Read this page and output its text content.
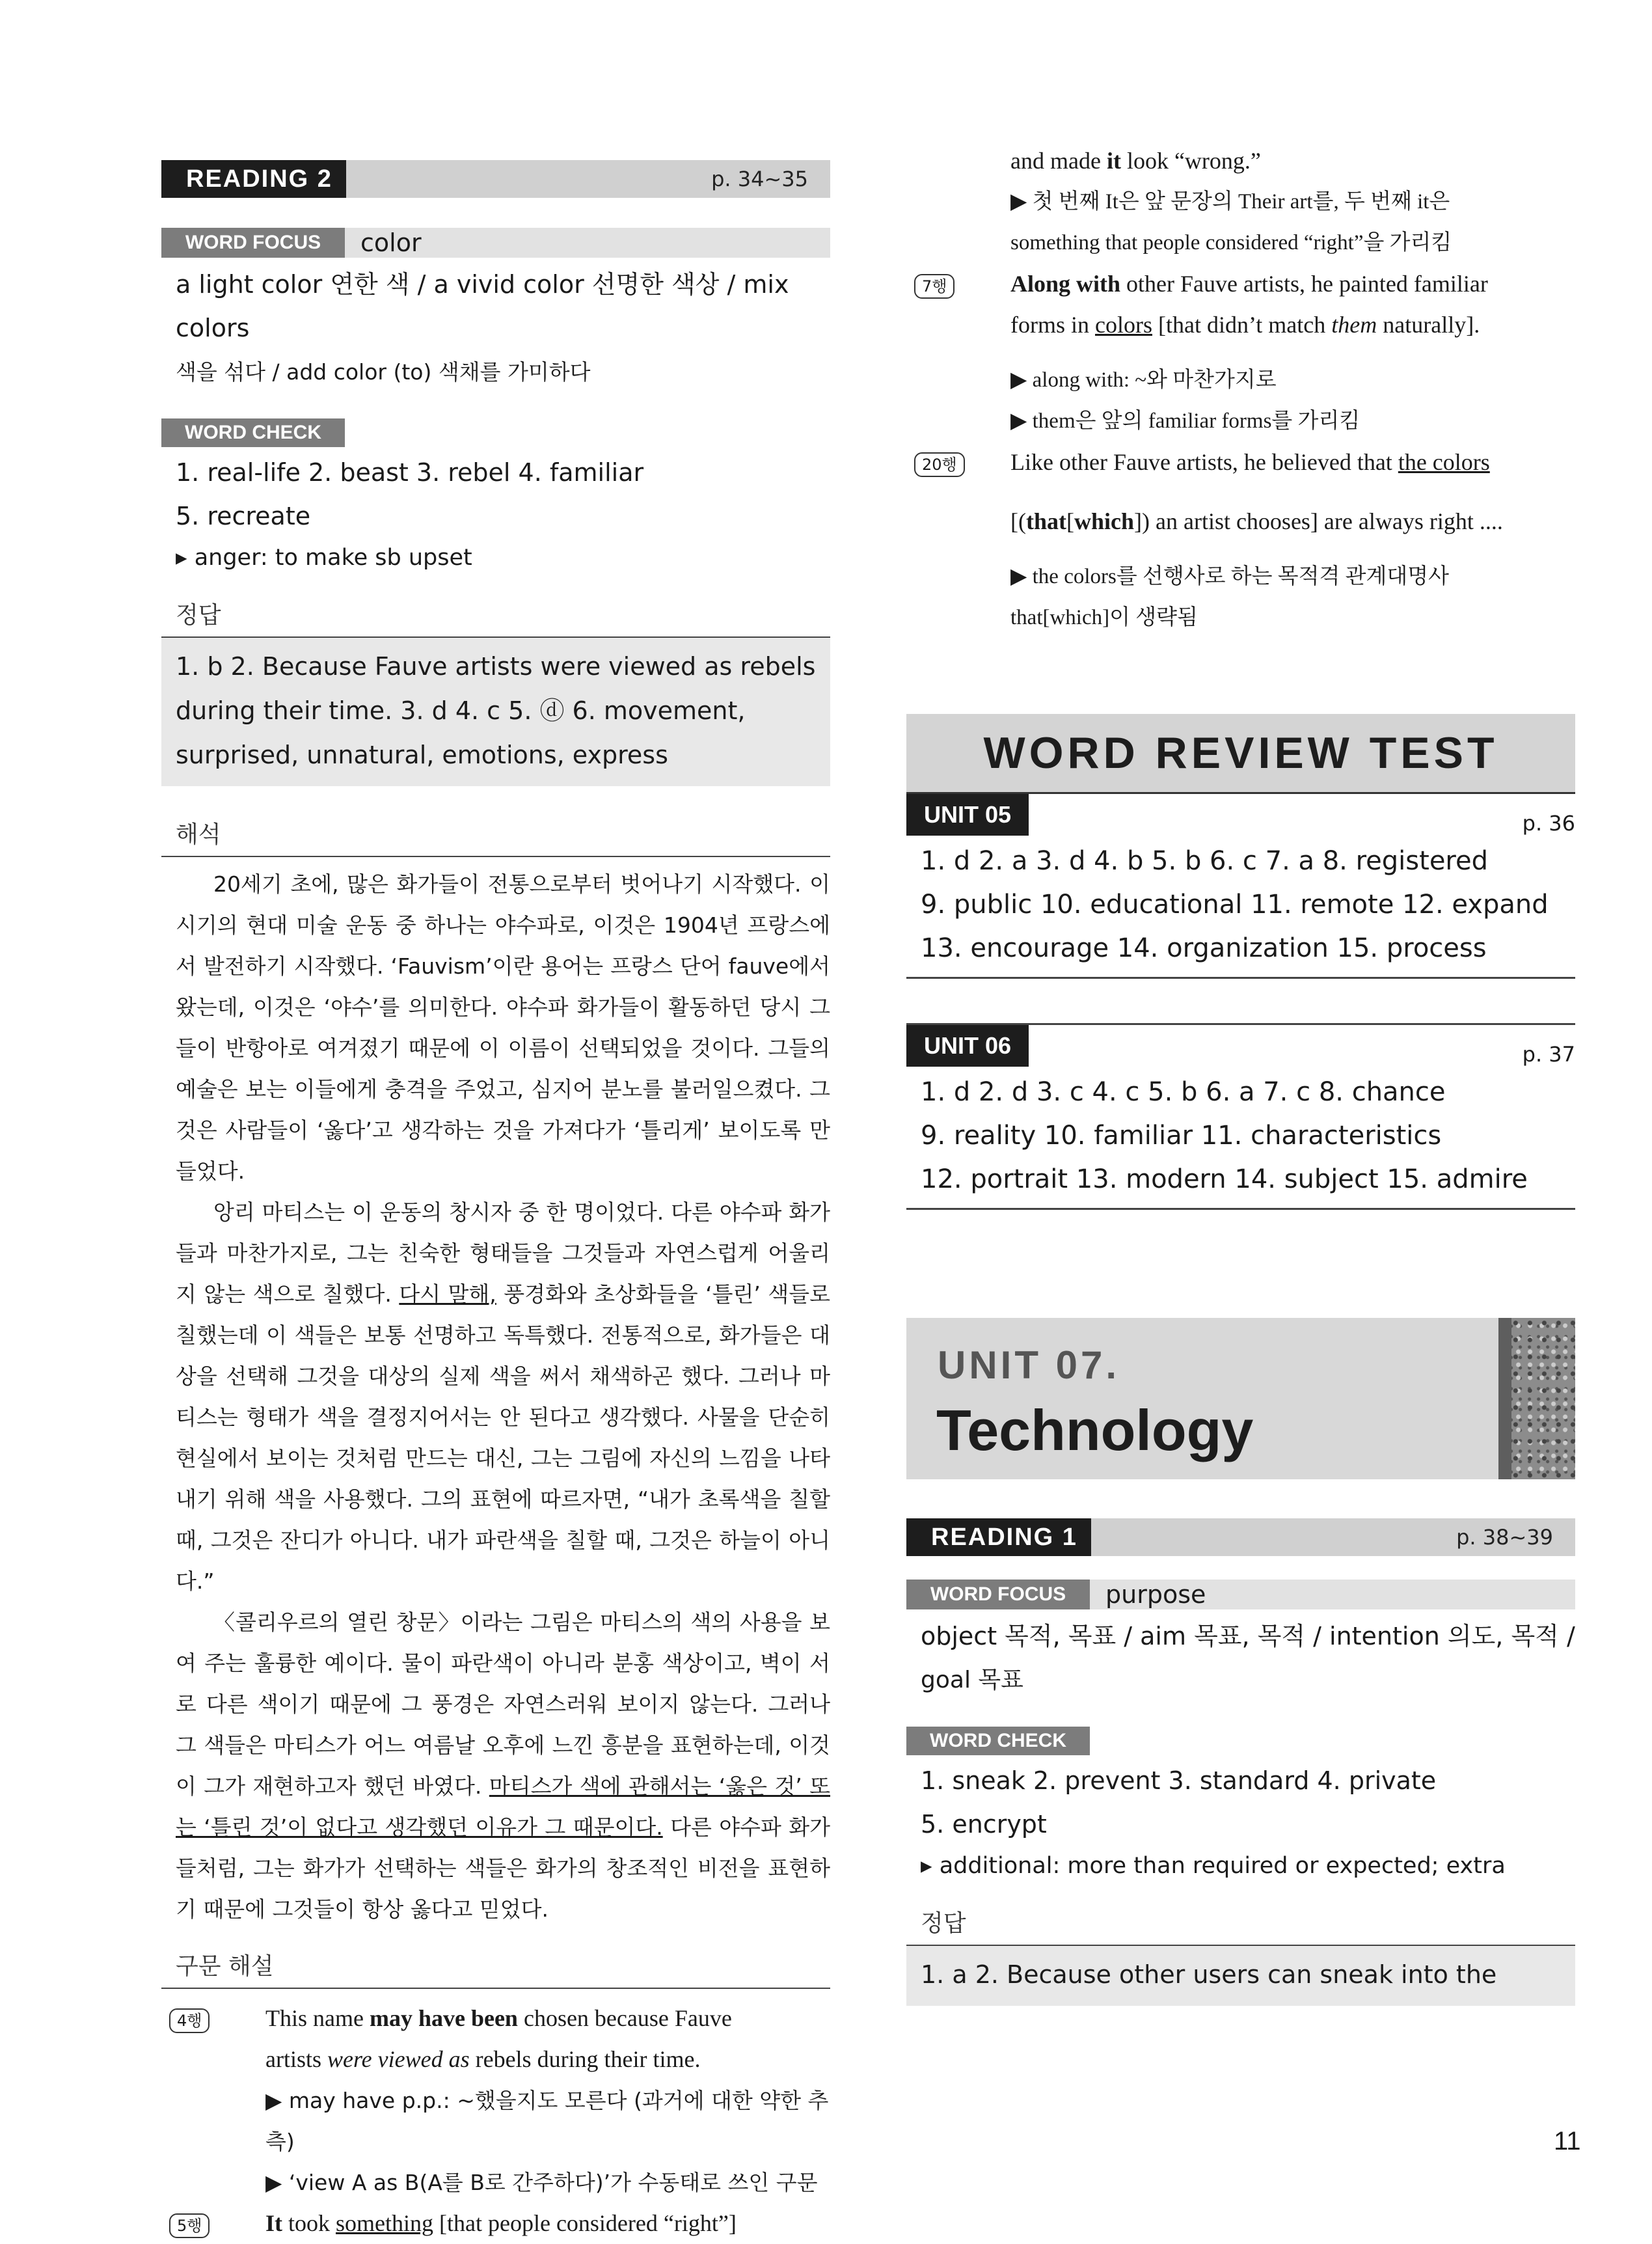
READING 2	p. 34~35
WORD FOCUS	color
a light color 연한 색 / a vivid color 선명한 색상 / mix colors
색을 섞다 / add color (to) 색채를 가미하다
WORD CHECK
1. real-life 2. beast 3. rebel 4. familiar
5. recreate
▸ anger: to make sb upset
정답
1. b 2. Because Fauve artists were viewed as rebels
during their time. 3. d 4. c 5. ⓓ 6. movement,
surprised, unnatural, emotions, express
해석

20세기 초에, 많은 화가들이 전통으로부터 벗어나기 시작했다. 이 시기의 현대 미술 운동 중 하나는 야수파로, 이것은 1904년 프랑스에서 발전하기 시작했다. ‘Fauvism’이란 용어는 프랑스 단어 fauve에서 왔는데, 이것은 ‘야수’를 의미한다. 야수파 화가들이 활동하던 당시 그들이 반항아로 여겨졌기 때문에 이 이름이 선택되었을 것이다. 그들의 예술은 보는 이들에게 충격을 주었고, 심지어 분노를 불러일으켰다. 그것은 사람들이 ‘옳다’고 생각하는 것을 가져다가 ‘틀리게’ 보이도록 만들었다.

앙리 마티스는 이 운동의 창시자 중 한 명이었다. 다른 야수파 화가들과 마찬가지로, 그는 친숙한 형태들을 그것들과 자연스럽게 어울리지 않는 색으로 칠했다. 다시 말해, 풍경화와 초상화들을 ‘틀린’ 색들로 칠했는데 이 색들은 보통 선명하고 독특했다. 전통적으로, 화가들은 대상을 선택해 그것을 대상의 실제 색을 써서 채색하곤 했다. 그러나 마티스는 형태가 색을 결정지어서는 안 된다고 생각했다. 사물을 단순히 현실에서 보이는 것처럼 만드는 대신, 그는 그림에 자신의 느낌을 나타내기 위해 색을 사용했다. 그의 표현에 따르자면, “내가 초록색을 칠할 때, 그것은 잔디가 아니다. 내가 파란색을 칠할 때, 그것은 하늘이 아니다.”

〈콜리우르의 열린 창문〉이라는 그림은 마티스의 색의 사용을 보여 주는 훌륭한 예이다. 물이 파란색이 아니라 분홍 색상이고, 벽이 서로 다른 색이기 때문에 그 풍경은 자연스러워 보이지 않는다. 그러나 그 색들은 마티스가 어느 여름날 오후에 느낀 흥분을 표현하는데, 이것이 그가 재현하고자 했던 바였다. 마티스가 색에 관해서는 ‘옳은 것’ 또는 ‘틀린 것’이 없다고 생각했던 이유가 그 때문이다. 다른 야수파 화가들처럼, 그는 화가가 선택하는 색들은 화가의 창조적인 비전을 표현하기 때문에 그것들이 항상 옳다고 믿었다.

구문 해설
4행	This name may have been chosen because Fauve
artists were viewed as rebels during their time.
▶ may have p.p.: ~했을지도 모른다 (과거에 대한 약한 추측)
▶ ‘view A as B(A를 B로 간주하다)’가 수동태로 쓰인 구문
5행	It took something [that people considered “right”]
and made it look “wrong.”
▶ 첫 번째 It은 앞 문장의 Their art를, 두 번째 it은
something that people considered “right”을 가리킴
7행	Along with other Fauve artists, he painted familiar
forms in colors [that didn’t match them naturally].
▶ along with: ~와 마찬가지로
▶ them은 앞의 familiar forms를 가리킴
20행	Like other Fauve artists, he believed that the colors
[(that[which]) an artist chooses] are always right ....
▶ the colors를 선행사로 하는 목적격 관계대명사
that[which]이 생략됨
WORD REVIEW TEST
UNIT 05	p. 36
1. d 2. a 3. d 4. b 5. b 6. c 7. a 8. registered
9. public 10. educational 11. remote 12. expand
13. encourage 14. organization 15. process
UNIT 06	p. 37
1. d 2. d 3. c 4. c 5. b 6. a 7. c 8. chance
9. reality 10. familiar 11. characteristics
12. portrait 13. modern 14. subject 15. admire
UNIT 07.
Technology
READING 1	p. 38~39
WORD FOCUS	purpose
object 목적, 목표 / aim 목표, 목적 / intention 의도, 목적 /
goal 목표
WORD CHECK
1. sneak 2. prevent 3. standard 4. private
5. encrypt
▸ additional: more than required or expected; extra
정답
1. a 2. Because other users can sneak into the
11
